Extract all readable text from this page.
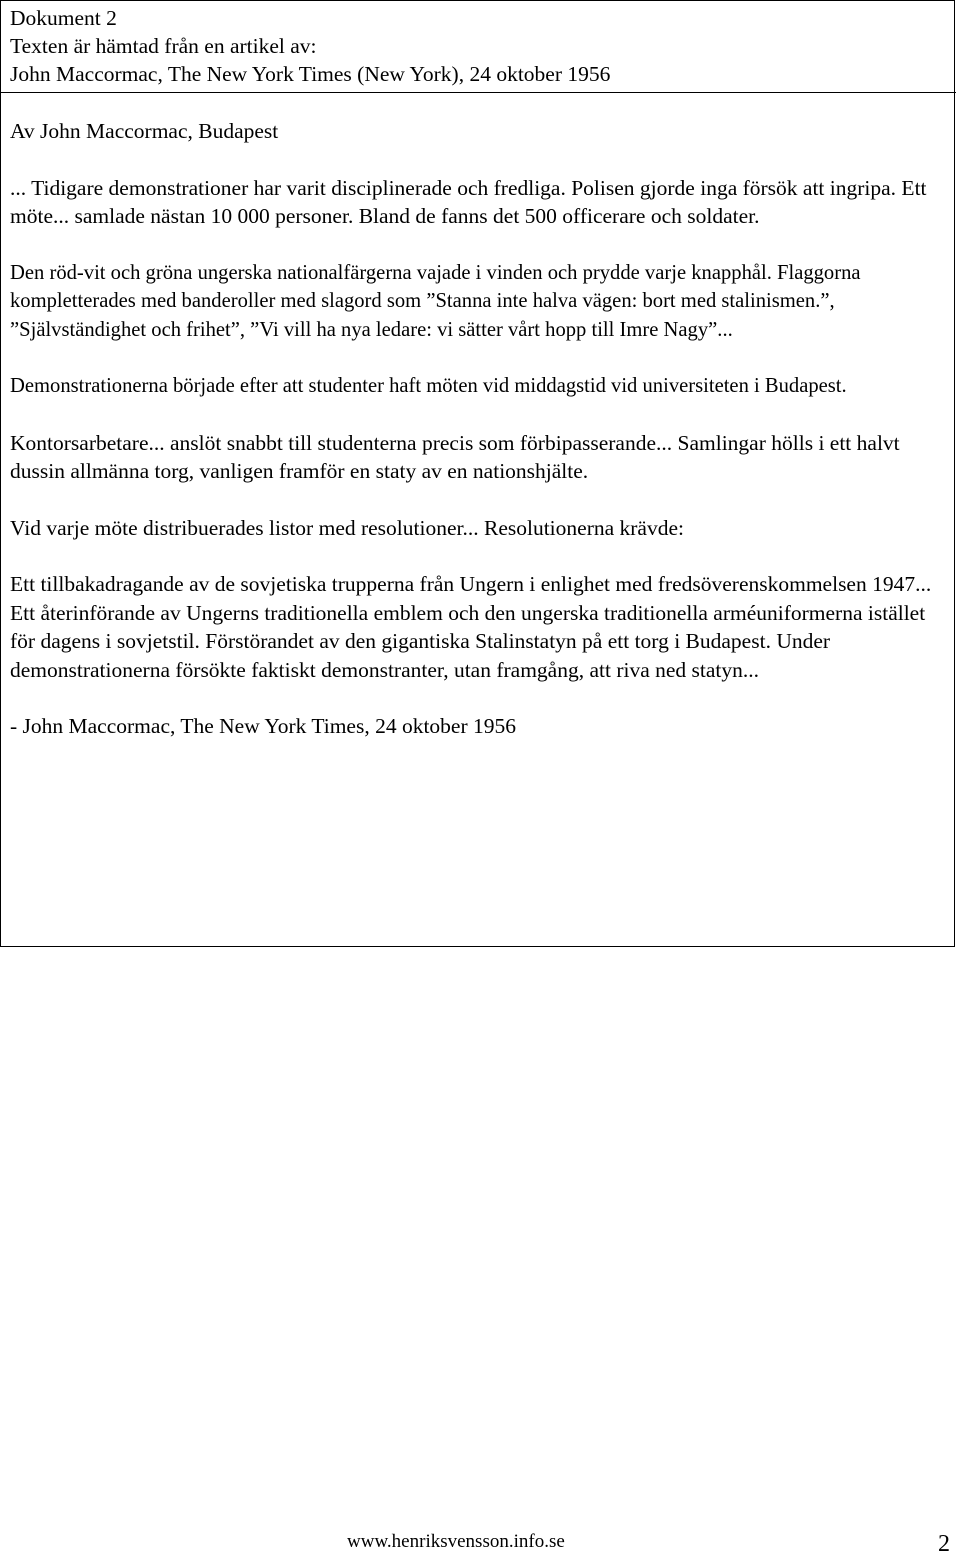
Dokument 2
Texten är hämtad från en artikel av:
John Maccormac, The New York Times (New York), 24 oktober 1956

Av John Maccormac, Budapest

... Tidigare demonstrationer har varit disciplinerade och fredliga. Polisen gjorde inga försök att ingripa. Ett möte... samlade nästan 10 000 personer. Bland de fanns det 500 officerare och soldater.

Den röd-vit och gröna ungerska nationalfärgerna vajade i vinden och prydde varje knapphål. Flaggorna kompletterades med banderoller med slagord som ”Stanna inte halva vägen: bort med stalinismen.”, ”Självständighet och frihet”, ”Vi vill ha nya ledare: vi sätter vårt hopp till Imre Nagy”...

Demonstrationerna började efter att studenter haft möten vid middagstid vid universiteten i Budapest.

Kontorsarbetare... anslöt snabbt till studenterna precis som förbipasserande... Samlingar hölls i ett halvt dussin allmänna torg, vanligen framför en staty av en nationshjälte.

Vid varje möte distribuerades listor med resolutioner... Resolutionerna krävde:

Ett tillbakadragande av de sovjetiska trupperna från Ungern i enlighet med fredsöverenskommelsen 1947... Ett återinförande av Ungerns traditionella emblem och den ungerska traditionella arméuniformerna istället för dagens i sovjetstil. Förstörandet av den gigantiska Stalinstatyn på ett torg i Budapest. Under demonstrationerna försökte faktiskt demonstranter, utan framgång, att riva ned statyn...

- John Maccormac, The New York Times, 24 oktober 1956

www.henriksvensson.info.se	2
